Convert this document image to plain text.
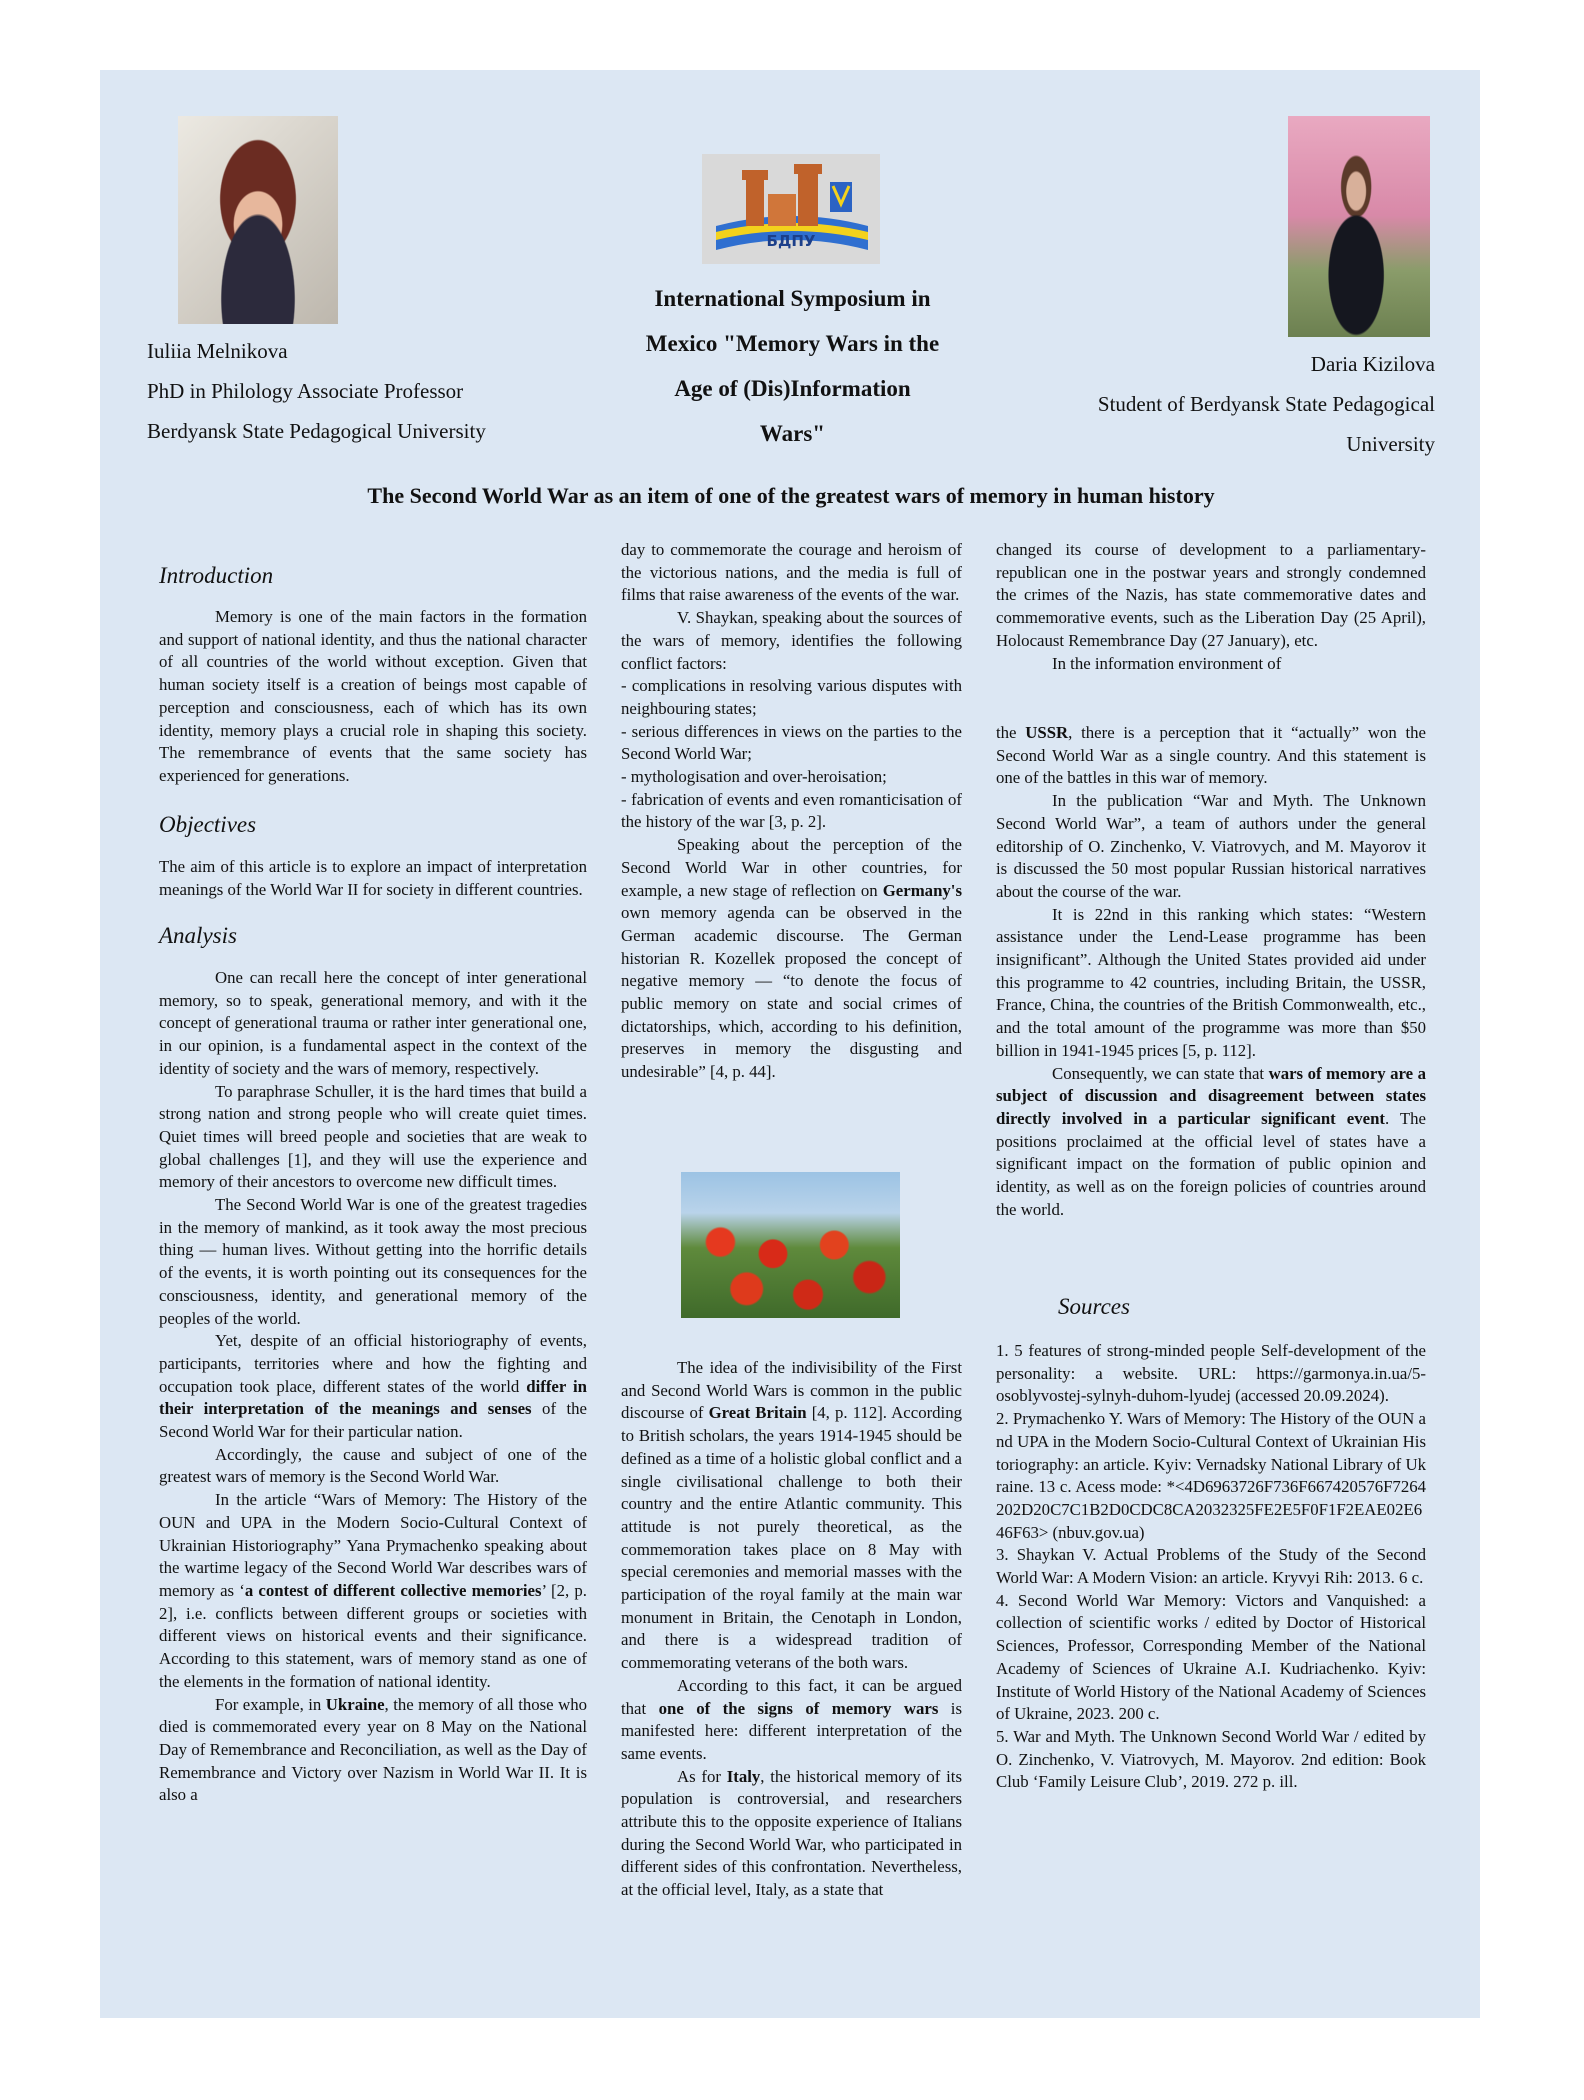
БДПУ
Iuliia Melnikova
PhD in Philology Associate Professor
Berdyansk State Pedagogical University
International Symposium in
Mexico "Memory Wars in the
Age of (Dis)Information
Wars"
Daria Kizilova
Student of Berdyansk State Pedagogical
University
The Second World War as an item of one of the greatest wars of memory in human history

Introduction

Memory is one of the main factors in the formation and support of national identity, and thus the national character of all countries of the world without exception. Given that human society itself is a creation of beings most capable of perception and consciousness, each of which has its own identity, memory plays a crucial role in shaping this society. The remembrance of events that the same society has experienced for generations.

Objectives

The aim of this article is to explore an impact of interpretation meanings of the World War II for society in different countries.

Analysis

One can recall here the concept of inter generational memory, so to speak, generational memory, and with it the concept of generational trauma or rather inter generational one, in our opinion, is a fundamental aspect in the context of the identity of society and the wars of memory, respectively.

To paraphrase Schuller, it is the hard times that build a strong nation and strong people who will create quiet times. Quiet times will breed people and societies that are weak to global challenges [1], and they will use the experience and memory of their ancestors to overcome new difficult times.

The Second World War is one of the greatest tragedies in the memory of mankind, as it took away the most precious thing — human lives. Without getting into the horrific details of the events, it is worth pointing out its consequences for the consciousness, identity, and generational memory of the peoples of the world.

Yet, despite of an official historiography of events, participants, territories where and how the fighting and occupation took place, different states of the world differ in their interpretation of the meanings and senses of the Second World War for their particular nation.

Accordingly, the cause and subject of one of the greatest wars of memory is the Second World War.

In the article “Wars of Memory: The History of the OUN and UPA in the Modern Socio-Cultural Context of Ukrainian Historiography” Yana Prymachenko speaking about the wartime legacy of the Second World War describes wars of memory as ‘a contest of different collective memories’ [2, p. 2], i.e. conflicts between different groups or societies with different views on historical events and their significance. According to this statement, wars of memory stand as one of the elements in the formation of national identity.

For example, in Ukraine, the memory of all those who died is commemorated every year on 8 May on the National Day of Remembrance and Reconciliation, as well as the Day of Remembrance and Victory over Nazism in World War II. It is also a

day to commemorate the courage and heroism of the victorious nations, and the media is full of films that raise awareness of the events of the war.

V. Shaykan, speaking about the sources of the wars of memory, identifies the following conflict factors:

- complications in resolving various disputes with neighbouring states;

- serious differences in views on the parties to the Second World War;

- mythologisation and over-heroisation;

- fabrication of events and even romanticisation of the history of the war [3, p. 2].

Speaking about the perception of the Second World War in other countries, for example, a new stage of reflection on Germany's own memory agenda can be observed in the German academic discourse. The German historian R. Kozellek proposed the concept of negative memory — “to denote the focus of public memory on state and social crimes of dictatorships, which, according to his definition, preserves in memory the disgusting and undesirable” [4, p. 44].

The idea of the indivisibility of the First and Second World Wars is common in the public discourse of Great Britain [4, p. 112]. According to British scholars, the years 1914-1945 should be defined as a time of a holistic global conflict and a single civilisational challenge to both their country and the entire Atlantic community. This attitude is not purely theoretical, as the commemoration takes place on 8 May with special ceremonies and memorial masses with the participation of the royal family at the main war monument in Britain, the Cenotaph in London, and there is a widespread tradition of commemorating veterans of the both wars.

According to this fact, it can be argued that one of the signs of memory wars is manifested here: different interpretation of the same events.

As for Italy, the historical memory of its population is controversial, and researchers attribute this to the opposite experience of Italians during the Second World War, who participated in different sides of this confrontation. Nevertheless, at the official level, Italy, as a state that

changed its course of development to a parliamentary-republican one in the postwar years and strongly condemned the crimes of the Nazis, has state commemorative dates and commemorative events, such as the Liberation Day (25 April), Holocaust Remembrance Day (27 January), etc.

In the information environment of

the USSR, there is a perception that it “actually” won the Second World War as a single country. And this statement is one of the battles in this war of memory.

In the publication “War and Myth. The Unknown Second World War”, a team of authors under the general editorship of O. Zinchenko, V. Viatrovych, and M. Mayorov it is discussed the 50 most popular Russian historical narratives about the course of the war.

It is 22nd in this ranking which states: “Western assistance under the Lend-Lease programme has been insignificant”. Although the United States provided aid under this programme to 42 countries, including Britain, the USSR, France, China, the countries of the British Commonwealth, etc., and the total amount of the programme was more than $50 billion in 1941-1945 prices [5, p. 112].

Consequently, we can state that wars of memory are a subject of discussion and disagreement between states directly involved in a particular significant event. The positions proclaimed at the official level of states have a significant impact on the formation of public opinion and identity, as well as on the foreign policies of countries around the world.

Sources

1. 5 features of strong-minded people Self-development of the personality: a website. URL: https://garmonya.in.ua/5-osoblyvostej-sylnyh-duhom-lyudej (accessed 20.09.2024).

2. Prymachenko Y. Wars of Memory: The History of the OUN and UPA in the Modern Socio-Cultural Context of Ukrainian Historiography: an article. Kyiv: Vernadsky National Library of Ukraine. 13 c. Acess mode: *<4D6963726F736F667420576F7264202D20C7C1B2D0CDC8CA2032325FE2E5F0F1F2EAE02E646F63> (nbuv.gov.ua)

3. Shaykan V. Actual Problems of the Study of the Second World War: A Modern Vision: an article. Kryvyi Rih: 2013. 6 c.

4. Second World War Memory: Victors and Vanquished: a collection of scientific works / edited by Doctor of Historical Sciences, Professor, Corresponding Member of the National Academy of Sciences of Ukraine A.I. Kudriachenko. Kyiv: Institute of World History of the National Academy of Sciences of Ukraine, 2023. 200 c.

5. War and Myth. The Unknown Second World War / edited by O. Zinchenko, V. Viatrovych, M. Mayorov. 2nd edition: Book Club ‘Family Leisure Club’, 2019. 272 p. ill.
